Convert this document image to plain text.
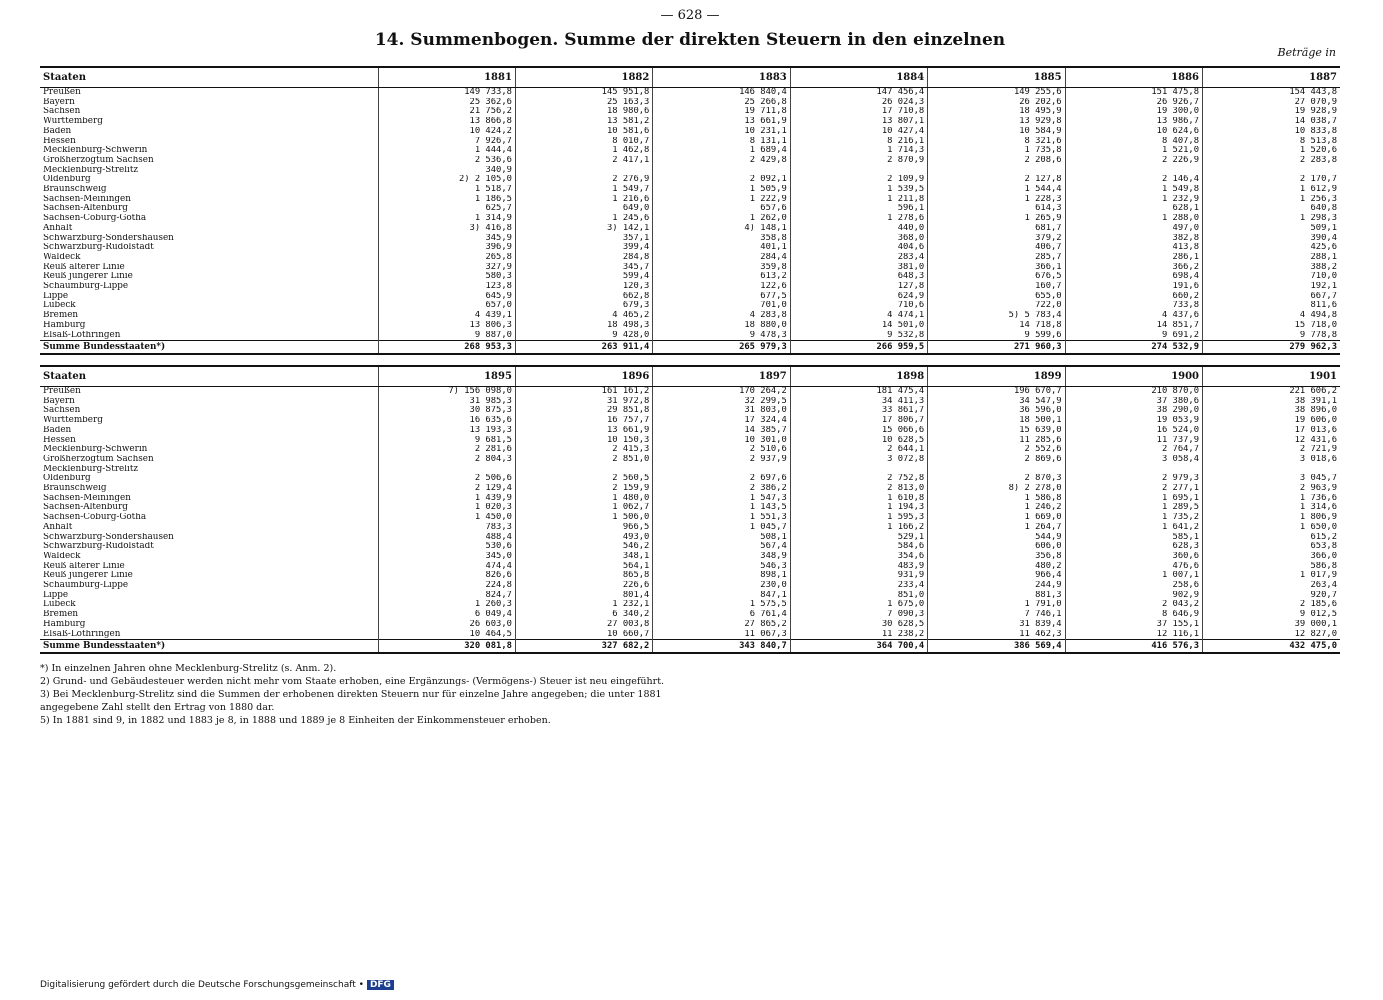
— 628 —
14. Summenbogen. Summe der direkten Steuern in den einzelnen
Beträge in
Staaten	1881	1882	1883	1884	1885	1886	1887
Preußen	149 733,8	145 951,8	146 840,4	147 456,4	149 255,6	151 475,8	154 443,8
Bayern	25 362,6	25 163,3	25 266,8	26 024,3	26 202,6	26 926,7	27 070,9
Sachsen	21 756,2	18 980,6	19 711,8	17 710,8	18 495,9	19 300,0	19 928,9
Württemberg	13 866,8	13 581,2	13 661,9	13 807,1	13 929,8	13 986,7	14 038,7
Baden	10 424,2	10 581,6	10 231,1	10 427,4	10 584,9	10 624,6	10 833,8
Hessen	7 926,7	8 010,7	8 131,1	8 216,1	8 321,6	8 407,8	8 513,8
Mecklenburg-Schwerin	1 444,4	1 462,8	1 689,4	1 714,3	1 735,8	1 521,0	1 520,6
Großherzogtum Sachsen	2 536,6	2 417,1	2 429,8	2 870,9	2 208,6	2 226,9	2 283,8
Mecklenburg-Strelitz	340,9						
Oldenburg	2) 2 105,0	2 276,9	2 092,1	2 109,9	2 127,8	2 146,4	2 170,7
Braunschweig	1 518,7	1 549,7	1 505,9	1 539,5	1 544,4	1 549,8	1 612,9
Sachsen-Meiningen	1 186,5	1 216,6	1 222,9	1 211,8	1 228,3	1 232,9	1 256,3
Sachsen-Altenburg	625,7	649,0	657,6	596,1	614,3	628,1	640,8
Sachsen-Coburg-Gotha	1 314,9	1 245,6	1 262,0	1 278,6	1 265,9	1 288,0	1 298,3
Anhalt	3) 416,8	3) 142,1	4) 148,1	440,0	681,7	497,0	509,1
Schwarzburg-Sondershausen	345,9	357,1	358,8	368,0	379,2	382,8	390,4
Schwarzburg-Rudolstadt	396,9	399,4	401,1	404,6	406,7	413,8	425,6
Waldeck	265,8	284,8	284,4	283,4	285,7	286,1	288,1
Reuß älterer Linie	327,9	345,7	359,8	381,0	366,1	366,2	388,2
Reuß jüngerer Linie	580,3	599,4	613,2	648,3	676,5	698,4	710,0
Schaumburg-Lippe	123,8	120,3	122,6	127,8	160,7	191,6	192,1
Lippe	645,9	662,8	677,5	624,9	655,0	660,2	667,7
Lübeck	657,0	679,3	701,0	710,6	722,0	733,8	811,6
Bremen	4 439,1	4 465,2	4 283,8	4 474,1	5) 5 783,4	4 437,6	4 494,8
Hamburg	13 806,3	18 498,3	18 880,0	14 501,0	14 718,8	14 851,7	15 718,0
Elsaß-Lothringen	9 887,0	9 428,0	9 478,3	9 532,8	9 599,6	9 691,2	9 778,8
Summe Bundesstaaten*)	268 953,3	263 911,4	265 979,3	266 959,5	271 960,3	274 532,9	279 962,3
Staaten	1895	1896	1897	1898	1899	1900	1901
Preußen	7) 156 098,0	161 161,2	170 264,2	181 475,4	196 670,7	210 870,0	221 606,2
Bayern	31 985,3	31 972,8	32 299,5	34 411,3	34 547,9	37 380,6	38 391,1
Sachsen	30 875,3	29 851,8	31 803,0	33 861,7	36 596,0	38 290,0	38 896,0
Württemberg	16 635,6	16 757,7	17 324,4	17 806,7	18 500,1	19 053,9	19 606,0
Baden	13 193,3	13 661,9	14 385,7	15 066,6	15 639,0	16 524,0	17 013,6
Hessen	9 681,5	10 150,3	10 301,0	10 628,5	11 285,6	11 737,9	12 431,6
Mecklenburg-Schwerin	2 281,6	2 415,3	2 510,6	2 644,1	2 552,6	2 764,7	2 721,9
Großherzogtum Sachsen	2 804,3	2 851,0	2 937,9	3 072,8	2 869,6	3 058,4	3 018,6
Mecklenburg-Strelitz							
Oldenburg	2 506,6	2 560,5	2 697,6	2 752,8	2 870,3	2 979,3	3 045,7
Braunschweig	2 129,4	2 159,9	2 386,2	2 813,0	8) 2 278,0	2 277,1	2 963,9
Sachsen-Meiningen	1 439,9	1 480,0	1 547,3	1 610,8	1 586,8	1 695,1	1 736,6
Sachsen-Altenburg	1 020,3	1 062,7	1 143,5	1 194,3	1 246,2	1 289,5	1 314,6
Sachsen-Coburg-Gotha	1 450,0	1 506,0	1 551,3	1 595,3	1 669,0	1 735,2	1 806,9
Anhalt	783,3	966,5	1 045,7	1 166,2	1 264,7	1 641,2	1 650,0
Schwarzburg-Sondershausen	488,4	493,0	508,1	529,1	544,9	585,1	615,2
Schwarzburg-Rudolstadt	530,6	546,2	567,4	584,6	606,0	628,3	653,8
Waldeck	345,0	348,1	348,9	354,6	356,8	360,6	366,0
Reuß älterer Linie	474,4	564,1	546,3	483,9	480,2	476,6	586,8
Reuß jüngerer Linie	826,6	865,8	898,1	931,9	966,4	1 007,1	1 017,9
Schaumburg-Lippe	224,8	226,6	230,0	233,4	244,9	258,6	263,4
Lippe	824,7	801,4	847,1	851,0	881,3	902,9	920,7
Lübeck	1 260,3	1 232,1	1 575,5	1 675,0	1 791,0	2 043,2	2 185,6
Bremen	6 049,4	6 340,2	6 761,4	7 090,3	7 746,1	8 646,9	9 012,5
Hamburg	26 603,0	27 003,8	27 865,2	30 628,5	31 839,4	37 155,1	39 000,1
Elsaß-Lothringen	10 464,5	10 660,7	11 067,3	11 238,2	11 462,3	12 116,1	12 827,0
Summe Bundesstaaten*)	320 081,8	327 682,2	343 840,7	364 700,4	386 569,4	416 576,3	432 475,0

*) In einzelnen Jahren ohne Mecklenburg-Strelitz (s. Anm. 2).

2) Grund- und Gebäudesteuer werden nicht mehr vom Staate erhoben, eine Ergänzungs- (Vermögens-) Steuer ist neu eingeführt.

3) Bei Mecklenburg-Strelitz sind die Summen der erhobenen direkten Steuern nur für einzelne Jahre angegeben; die unter 1881

angegebene Zahl stellt den Ertrag von 1880 dar.

5) In 1881 sind 9, in 1882 und 1883 je 8, in 1888 und 1889 je 8 Einheiten der Einkommensteuer erhoben.

Digitalisierung gefördert durch die Deutsche Forschungsgemeinschaft • DFG
